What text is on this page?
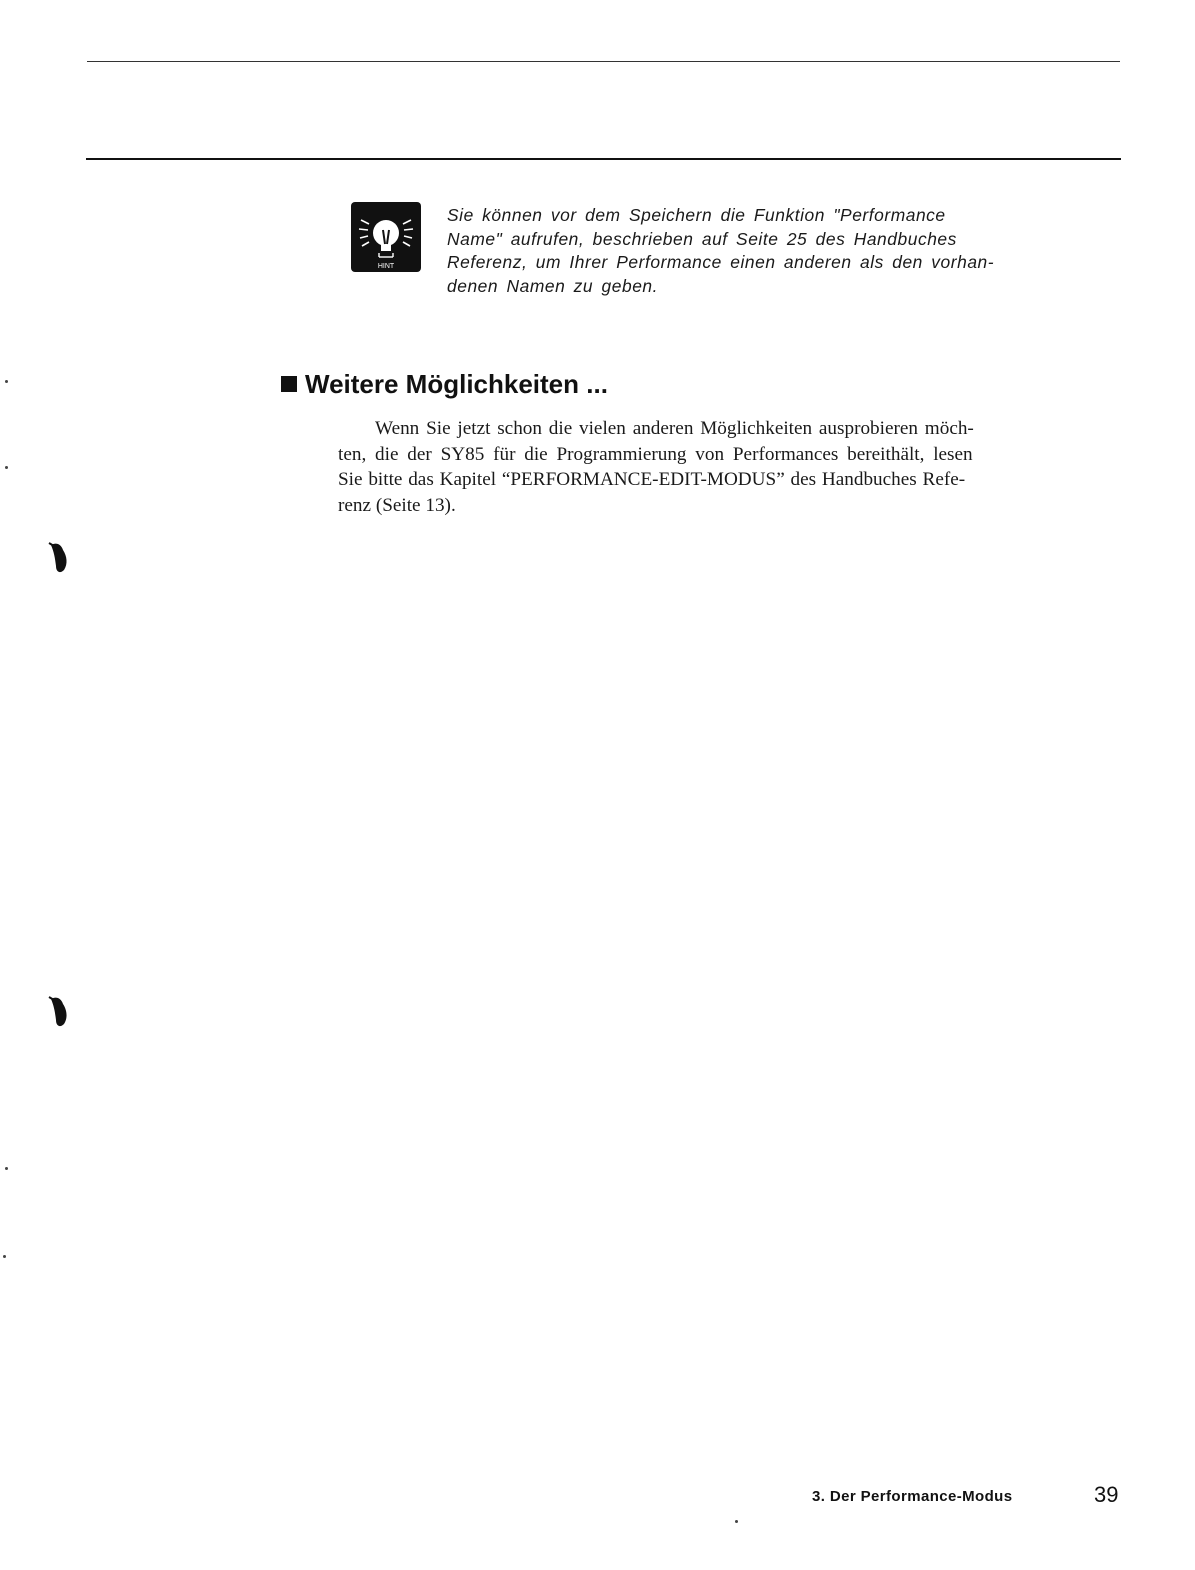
HINT

Sie können vor dem Speichern die Funktion "Performance
Name" aufrufen, beschrieben auf Seite 25 des Handbuches
Referenz, um Ihrer Performance einen anderen als den vorhan-
denen Namen zu geben.

Weitere Möglichkeiten ...

Wenn Sie jetzt schon die vielen anderen Möglichkeiten ausprobieren möch-
ten, die der SY85 für die Programmierung von Performances bereithält, lesen
Sie bitte das Kapitel “PERFORMANCE-EDIT-MODUS” des Handbuches Refe-
renz (Seite 13).

3. Der Performance-Modus	39
